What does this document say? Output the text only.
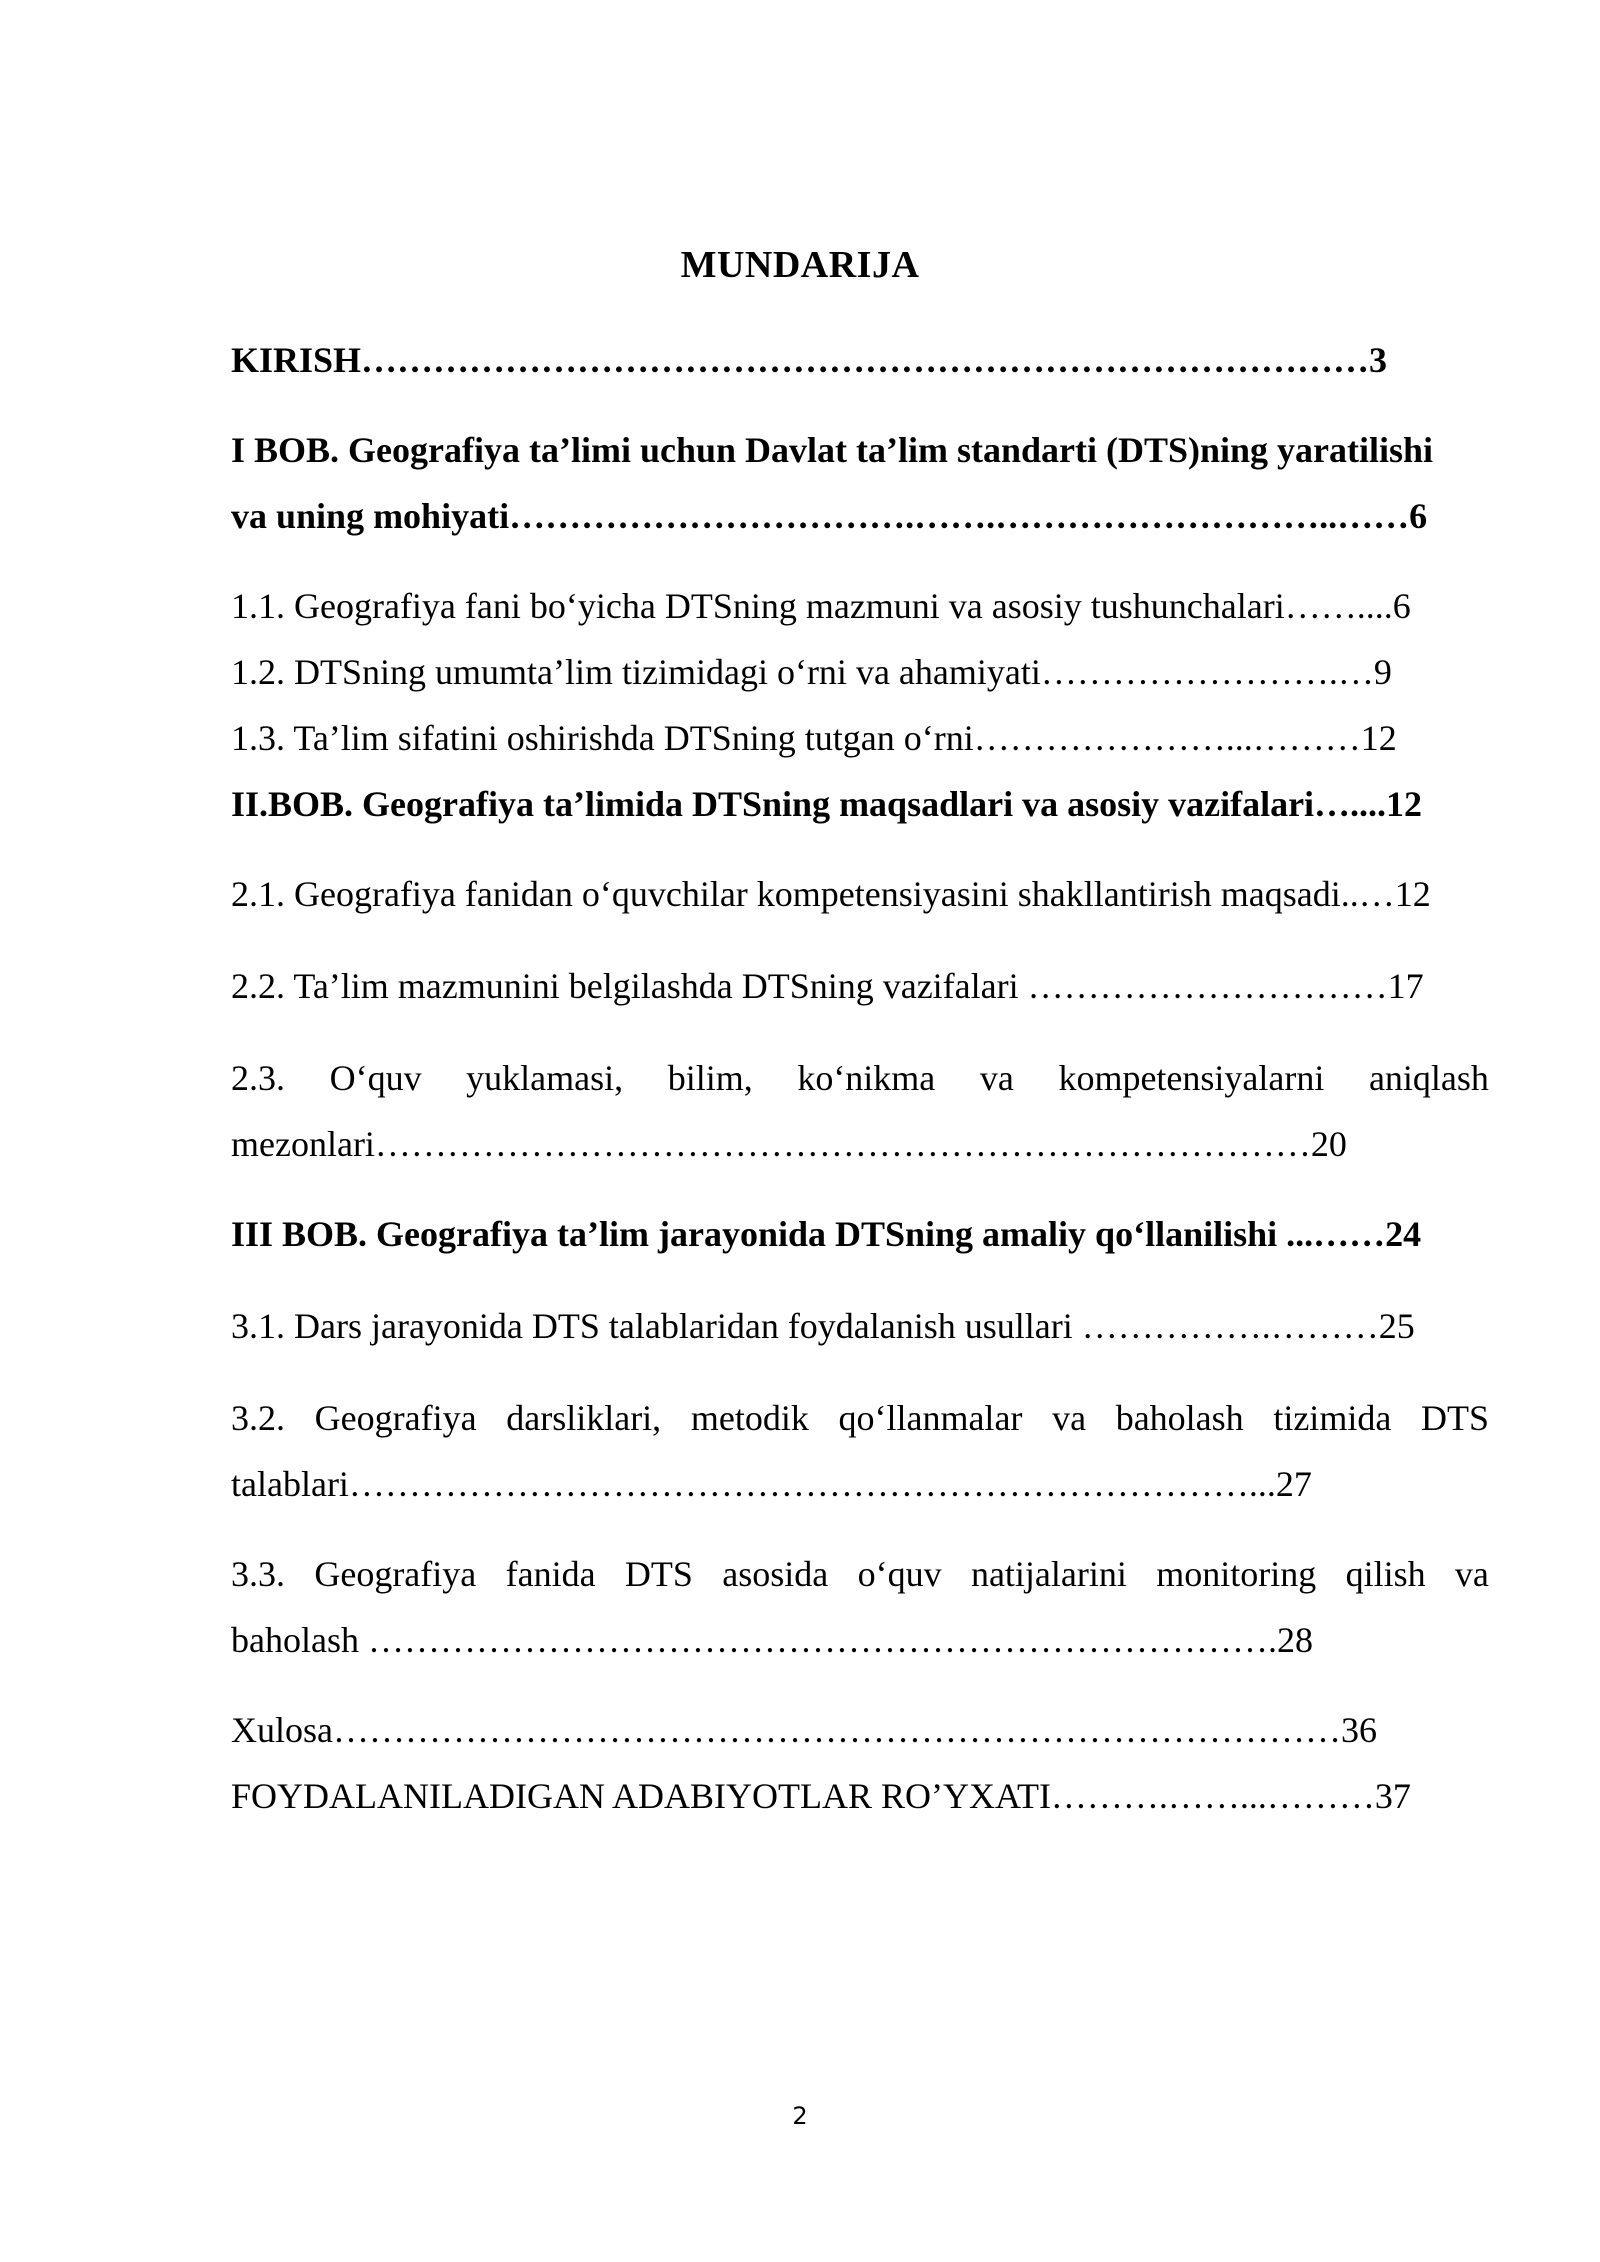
MUNDARIJA
KIRISH…………………………………………………………………………3
I BOB. Geografiya ta’limi uchun Davlat ta’lim standarti (DTS)ning yaratilishi
va uning mohiyati…………………………….…….………………………..……6
1.1. Geografiya fani bo‘yicha DTSning mazmuni va asosiy tushunchalari……....6
1.2. DTSning umumta’lim tizimidagi o‘rni va ahamiyati…………………….…9
1.3. Ta’lim sifatini oshirishda DTSning tutgan o‘rni…………………...………12
II.BOB. Geografiya ta’limida DTSning maqsadlari va asosiy vazifalari…....12
2.1. Geografiya fanidan o‘quvchilar kompetensiyasini shakllantirish maqsadi..…12
2.2. Ta’lim mazmunini belgilashda DTSning vazifalari …………………………17
2.3. O‘quv yuklamasi, bilim, ko‘nikma va kompetensiyalarni aniqlash
mezonlari……………………………………………………………………20
III BOB. Geografiya ta’lim jarayonida DTSning amaliy qo‘llanilishi ...……24
3.1. Dars jarayonida DTS talablaridan foydalanish usullari …………….………25
3.2. Geografiya darsliklari, metodik qo‘llanmalar va baholash tizimida DTS
talablari…………………………………………………………………...27
3.3. Geografiya fanida DTS asosida o‘quv natijalarini monitoring qilish va
baholash ………………………………………………………………….28
Xulosa…………………………………………………………………………36
FOYDALANILADIGAN ADABIYOTLAR RO’YXATI……….……...………37
2
